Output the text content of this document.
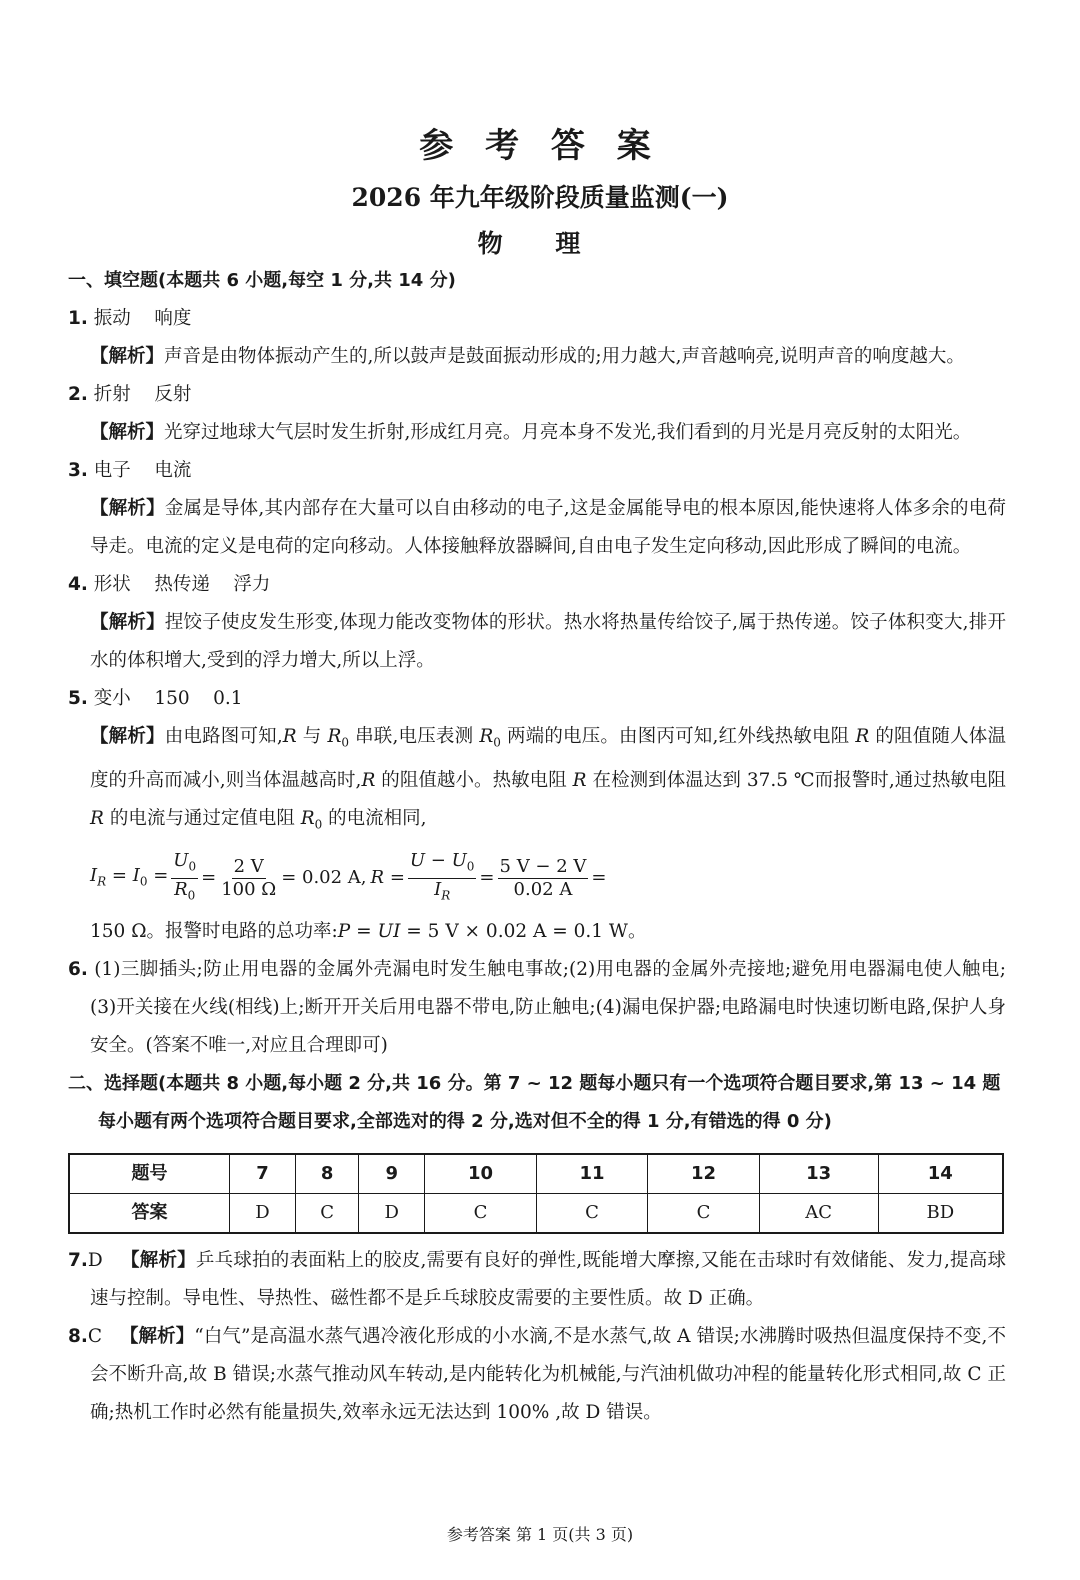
参 考 答 案
2026 年九年级阶段质量监测(一)
物 理
一、填空题(本题共 6 小题,每空 1 分,共 14 分)
1. 振动    响度
【解析】声音是由物体振动产生的,所以鼓声是鼓面振动形成的;用力越大,声音越响亮,说明声音的响度越大。
2. 折射    反射
【解析】光穿过地球大气层时发生折射,形成红月亮。月亮本身不发光,我们看到的月光是月亮反射的太阳光。
3. 电子    电流
【解析】金属是导体,其内部存在大量可以自由移动的电子,这是金属能导电的根本原因,能快速将人体多余的电荷导走。电流的定义是电荷的定向移动。人体接触释放器瞬间,自由电子发生定向移动,因此形成了瞬间的电流。
4. 形状    热传递    浮力
【解析】捏饺子使皮发生形变,体现力能改变物体的形状。热水将热量传给饺子,属于热传递。饺子体积变大,排开水的体积增大,受到的浮力增大,所以上浮。
5. 变小    150    0.1
【解析】由电路图可知,R 与 $R_0$ 串联,电压表测 $R_0$ 两端的电压。由图丙可知,红外线热敏电阻 R 的阻值随人体温度的升高而减小,则当体温越高时,R 的阻值越小。热敏电阻 R 在检测到体温达到 37.5 ℃而报警时,通过热敏电阻 R 的电流与通过定值电阻 $R_0$ 的电流相同,
$I_R = I_0 = \frac{U_0}{R_0} = \frac{2 V}{100 \Omega} = 0.02$ A, $R = \frac{U - U_0}{I_R} = \frac{5 V - 2 V}{0.02 A}$ =
150 Ω。报警时电路的总功率:P = UI = 5 V × 0.02 A = 0.1 W。
6. (1)三脚插头;防止用电器的金属外壳漏电时发生触电事故;(2)用电器的金属外壳接地;避免用电器漏电使人触电;(3)开关接在火线(相线)上;断开开关后用电器不带电,防止触电;(4)漏电保护器;电路漏电时快速切断电路,保护人身安全。(答案不唯一,对应且合理即可)
二、选择题(本题共 8 小题,每小题 2 分,共 16 分。第 7 ~ 12 题每小题只有一个选项符合题目要求,第 13 ~ 14 题每小题有两个选项符合题目要求,全部选对的得 2 分,选对但不全的得 1 分,有错选的得 0 分)
题号	7	8	9	10	11	12	13	14
答案	D	C	D	C	C	C	AC	BD
7.D 【解析】乒乓球拍的表面粘上的胶皮,需要有良好的弹性,既能增大摩擦,又能在击球时有效储能、发力,提高球速与控制。导电性、导热性、磁性都不是乒乓球胶皮需要的主要性质。故 D 正确。
8.C 【解析】“白气”是高温水蒸气遇冷液化形成的小水滴,不是水蒸气,故 A 错误;水沸腾时吸热但温度保持不变,不会不断升高,故 B 错误;水蒸气推动风车转动,是内能转化为机械能,与汽油机做功冲程的能量转化形式相同,故 C 正确;热机工作时必然有能量损失,效率永远无法达到 100% ,故 D 错误。
参考答案 第 1 页(共 3 页)
